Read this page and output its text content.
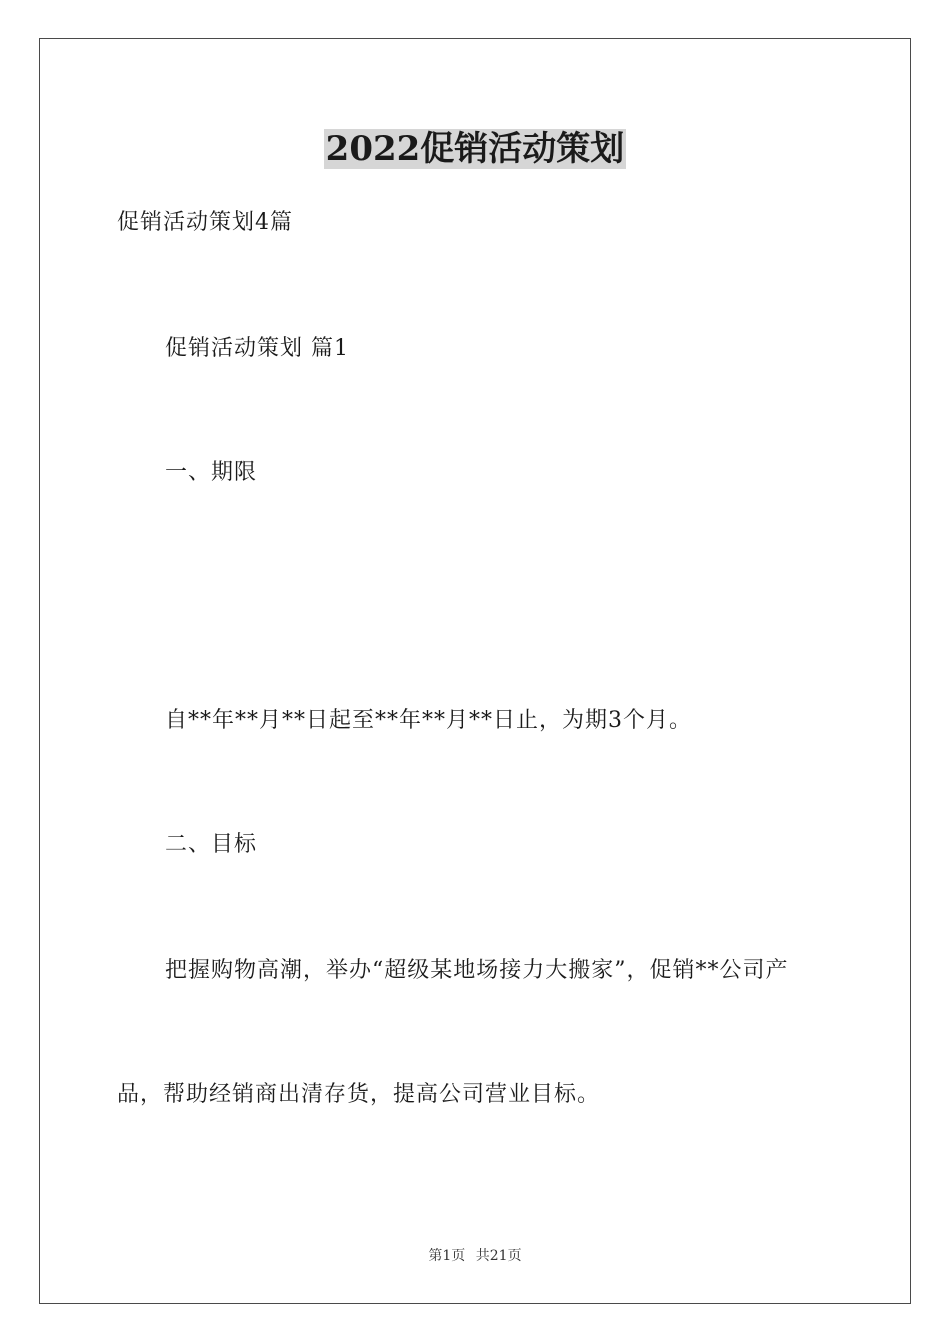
2022促销活动策划
促销活动策划4篇
促销活动策划 篇1
一、期限
自**年**月**日起至**年**月**日止，为期3个月。
二、目标
把握购物高潮，举办“超级某地场接力大搬家”，促销**公司产
品，帮助经销商出清存货，提高公司营业目标。
第1页 共21页
